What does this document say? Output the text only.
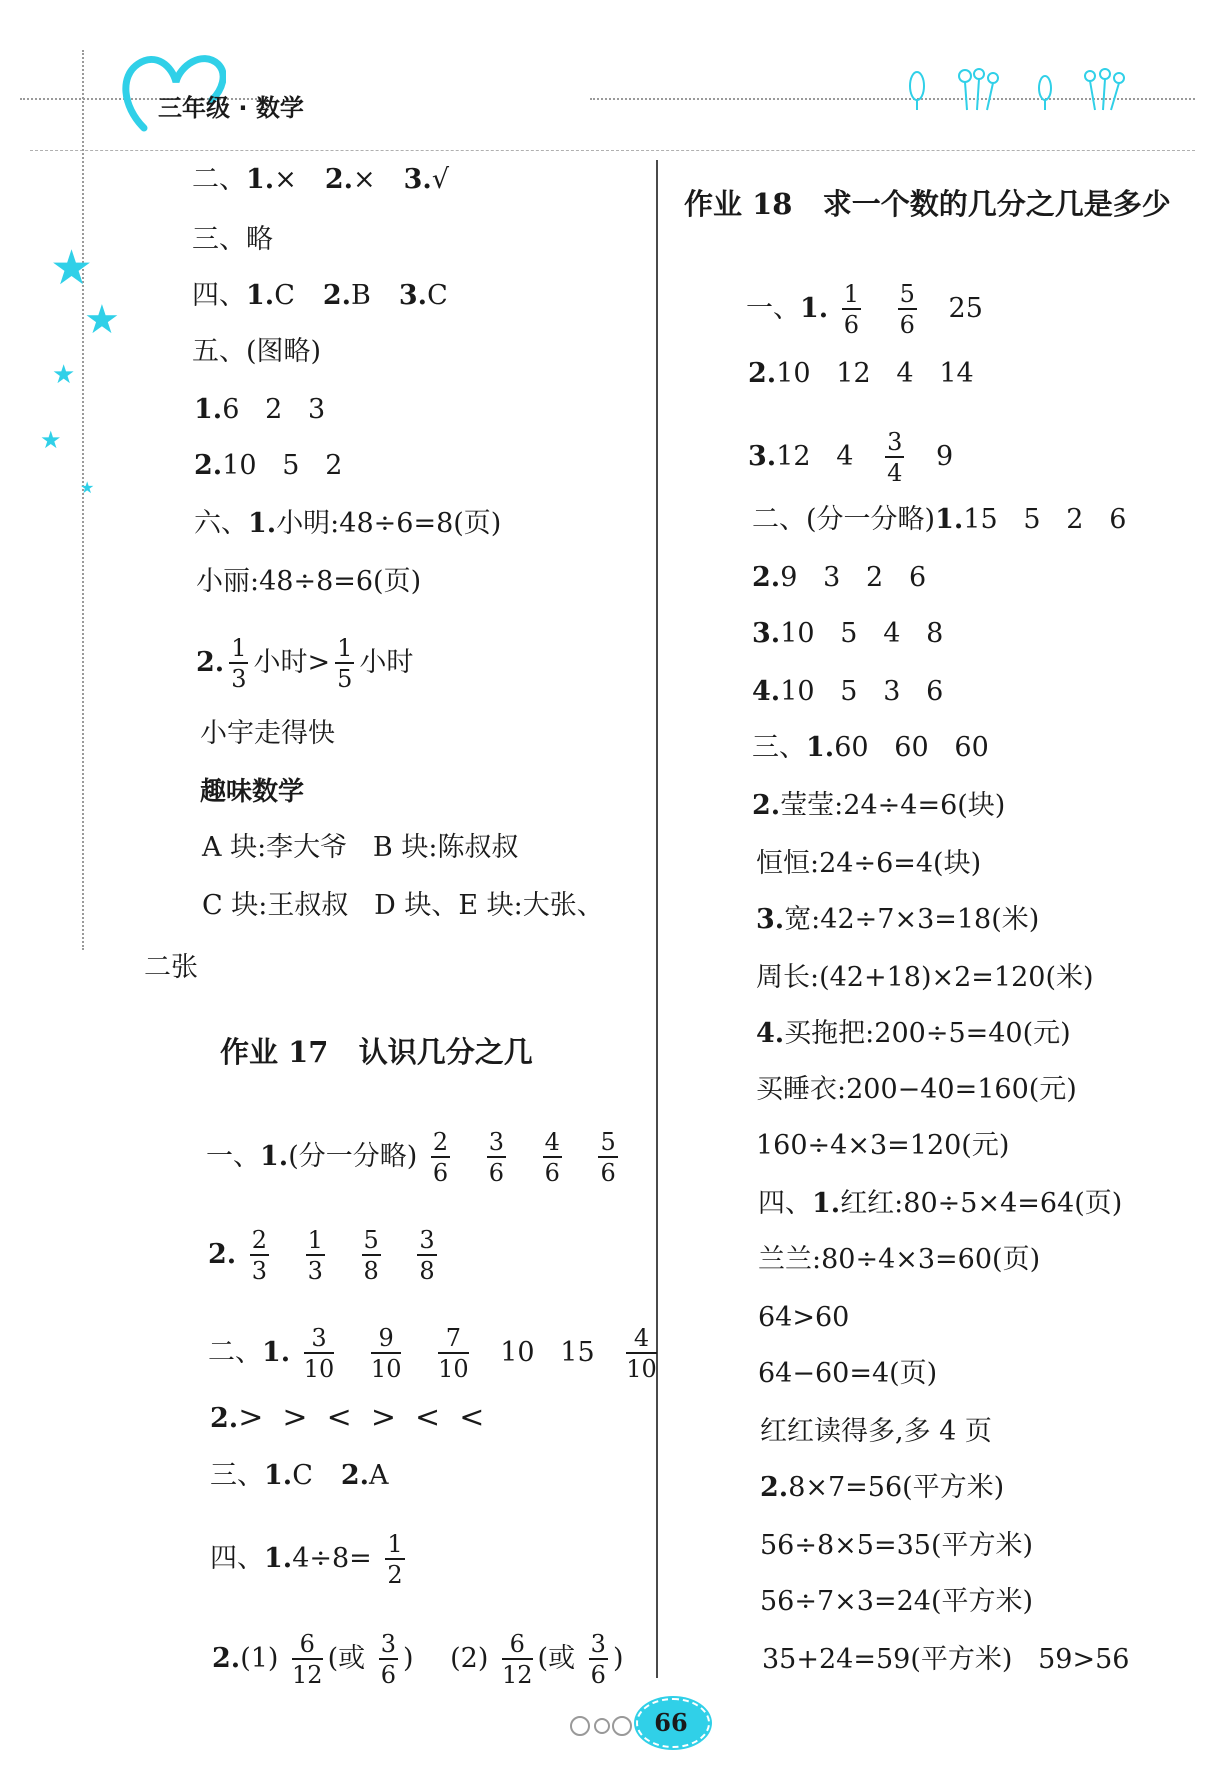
三年级 · 数学
★
★
★
★
★
二、1.× 2.× 3.√
三、略
四、1.C 2.B 3.C
五、(图略)
1.6   2   3
2.10   5   2
六、1.小明:48÷6=8(页)
小丽:48÷8=6(页)
2. $\frac{1}{3}$ 小时> $\frac{1}{5}$ 小时
小宇走得快
趣味数学
A 块:李大爷   B 块:陈叔叔
C 块:王叔叔   D 块、E 块:大张、
二张
作业 17   认识几分之几
一、1.(分一分略) $\frac{2}{6}$
$\frac{3}{6}$
$\frac{4}{6}$
$\frac{5}{6}$
2. $\frac{2}{3}$
$\frac{1}{3}$
$\frac{5}{8}$
$\frac{3}{8}$
二、1. $\frac{3}{10}$
$\frac{9}{10}$
$\frac{7}{10} 10$   $15 \frac{4}{10}$
2.>  >  <  >  <  <
三、1.C 2.A
四、$1.4\div 8= \frac{1}{2}$
$2.(1) \frac{6}{12}$ (或 $\frac{3}{6}$ ) $(2) \frac{6}{12}$ (或 $\frac{3}{6}$ )
作业 18   求一个数的几分之几是多少
一、1. $\frac{1}{6}$
$\frac{5}{6} 25$
2.10   12   4   14
3.12   $4 \frac{3}{4} 9$
二、(分一分略)1.15   5   2   6
2.9   3   2   6
3.10   5   4   8
4.10   5   3   6
三、1.60   60   60
2.莹莹:24÷4=6(块)
恒恒:24÷6=4(块)
3.宽:42÷7×3=18(米)
周长:(42+18)×2=120(米)
4.买拖把:200÷5=40(元)
买睡衣:200−40=160(元)
160÷4×3=120(元)
四、1.红红:80÷5×4=64(页)
兰兰:80÷4×3=60(页)
64>60
64−60=4(页)
红红读得多,多 4 页
2.8×7=56(平方米)
56÷8×5=35(平方米)
56÷7×3=24(平方米)
35+24=59(平方米)   59>56
66
